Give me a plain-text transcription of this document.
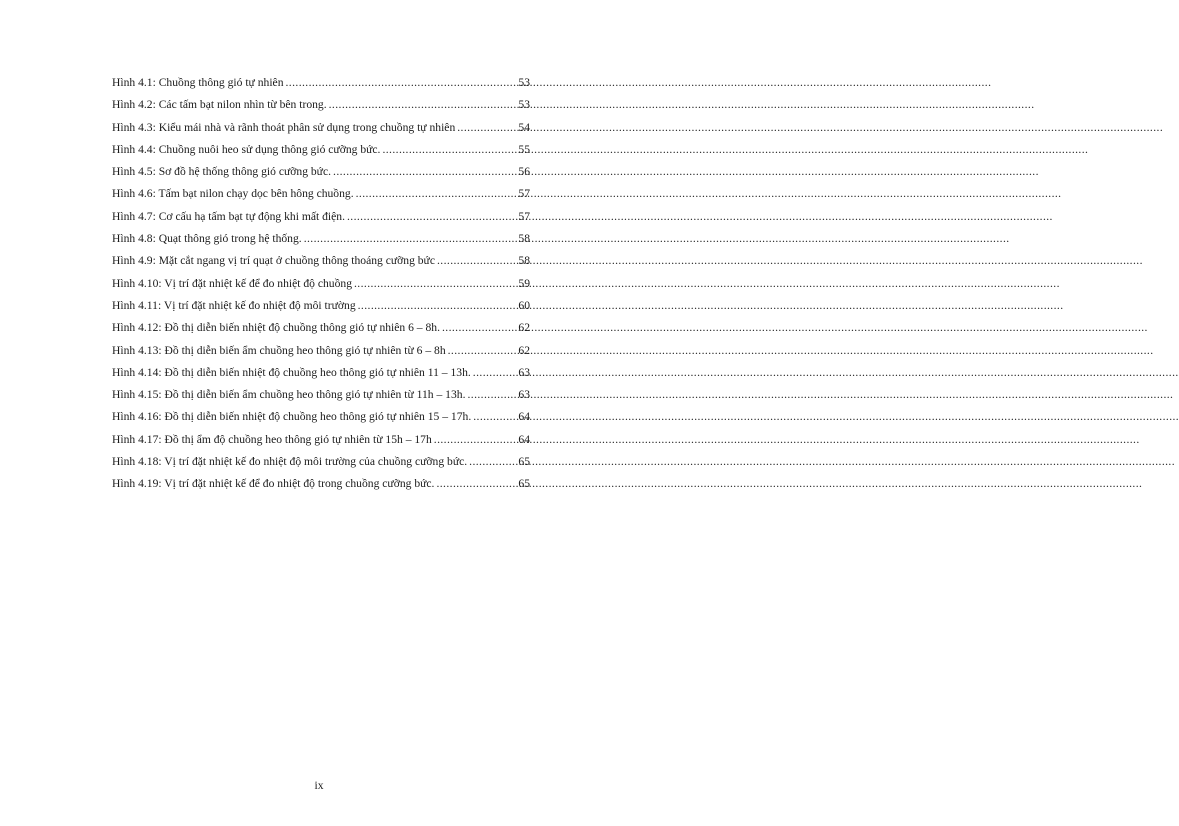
Hình 4.1: Chuồng thông gió tự nhiên .....	53
Hình 4.2: Các tấm bạt nilon nhìn từ bên trong. .....	53
Hình 4.3: Kiểu mái nhà và rãnh thoát phân sử dụng trong chuồng tự nhiên .....	54
Hình 4.4: Chuồng nuôi heo sử dụng thông gió cưỡng bức. .....	55
Hình 4.5: Sơ đồ hệ thống thông gió cưỡng bức. .....	56
Hình 4.6: Tấm bạt nilon chạy dọc bên hông chuồng. .....	57
Hình 4.7: Cơ cấu hạ tấm bạt tự động khi mất điện. .....	57
Hình 4.8: Quạt thông gió trong hệ thống. .....	58
Hình 4.9: Mặt cắt ngang vị trí quạt ở chuồng thông thoáng cưỡng bức .....	58
Hình 4.10: Vị trí đặt nhiệt kế để đo nhiệt độ chuồng .....	59
Hình 4.11: Vị trí đặt nhiệt kế đo nhiệt độ môi trường .....	60
Hình 4.12: Đồ thị diễn biến nhiệt độ chuồng thông gió tự nhiên 6 – 8h. .....	62
Hình 4.13: Đồ thị diễn biến ẩm chuồng heo thông gió tự nhiên từ 6 – 8h .....	62
Hình 4.14: Đồ thị diễn biến nhiệt độ chuồng heo thông gió tự nhiên 11 – 13h. .....	63
Hình 4.15: Đồ thị diễn biến ẩm chuồng heo thông gió tự nhiên từ 11h – 13h. .....	63
Hình 4.16: Đồ thị diễn biến nhiệt độ chuồng heo thông gió tự nhiên 15 – 17h. .....	64
Hình 4.17: Đồ thị ẩm độ chuồng heo thông gió tự nhiên từ 15h – 17h .....	64
Hình 4.18: Vị trí đặt nhiệt kế đo nhiệt độ môi trường của chuồng cưỡng bức. .....	65
Hình 4.19: Vị trí đặt nhiệt kế để đo nhiệt độ trong chuồng cưỡng bức. .....	65
ix
